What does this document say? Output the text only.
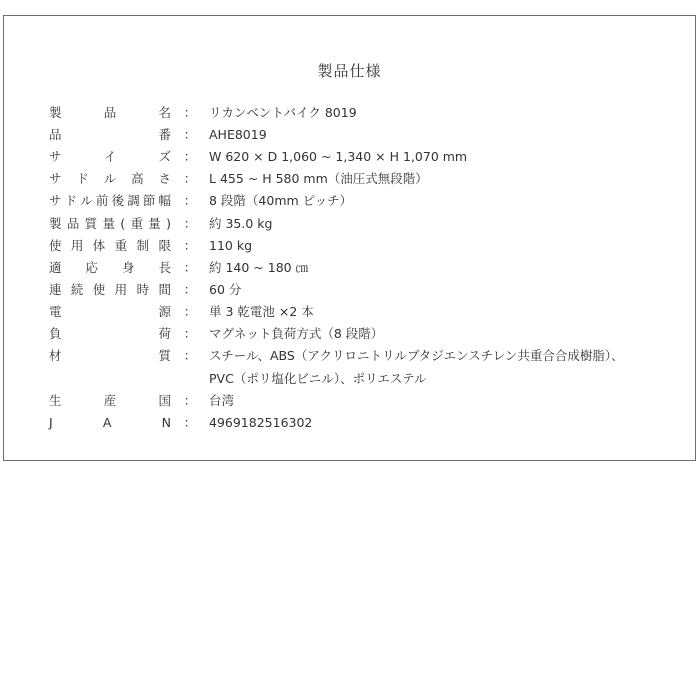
製品仕様
製	品	名	：	リカンベントバイク 8019
品	番	：	AHE8019
サ	イ	ズ	：	W 620 × D 1,060 ~ 1,340 × H 1,070 mm
サ ド ル 高 さ	：	L 455 ~ H 580 mm（油圧式無段階）
サ ド ル 前 後 調 節 幅	：	8 段階（40mm ピッチ）
製 品 質 量 ( 重 量 )	：	約 35.0 kg
使 用 体 重 制 限	：	110 kg
適 応 身 長	：	約 140 ~ 180 ㎝
連 続 使 用 時 間	：	60 分
電	源	：	単 3 乾電池 ×2 本
負	荷	：	マグネット負荷方式（8 段階）
材	質	：	スチール、ABS（アクリロニトリルブタジエンスチレン共重合合成樹脂）、
PVC（ポリ塩化ビニル）、ポリエステル
生	産	国	：	台湾
J	A	N	：	4969182516302
